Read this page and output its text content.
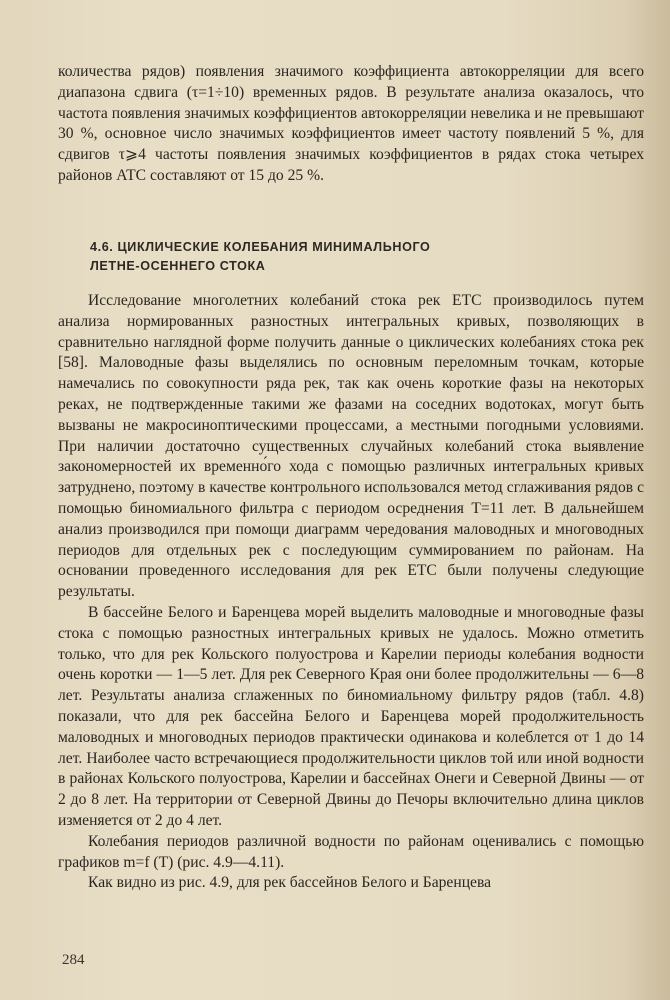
количества рядов) появления значимого коэффициента автокорреляции для всего диапазона сдвига (τ=1÷10) временных рядов. В результате анализа оказалось, что частота появления значимых коэффициентов автокорреляции невелика и не превышают 30 %, основное число значимых коэффициентов имеет частоту появлений 5 %, для сдвигов τ⩾4 частоты появления значимых коэффициентов в рядах стока четырех районов АТС составляют от 15 до 25 %.

4.6. ЦИКЛИЧЕСКИЕ КОЛЕБАНИЯ МИНИМАЛЬНОГО
ЛЕТНЕ-ОСЕННЕГО СТОКА

Исследование многолетних колебаний стока рек ЕТС производилось путем анализа нормированных разностных интегральных кривых, позволяющих в сравнительно наглядной форме получить данные о циклических колебаниях стока рек [58]. Маловодные фазы выделялись по основным переломным точкам, которые намечались по совокупности ряда рек, так как очень короткие фазы на некоторых реках, не подтвержденные такими же фазами на соседних водотоках, могут быть вызваны не макросиноптическими процессами, а местными погодными условиями. При наличии достаточно существенных случайных колебаний стока выявление закономерностей их временно́го хода с помощью различных интегральных кривых затруднено, поэтому в качестве контрольного использовался метод сглаживания рядов с помощью биномиального фильтра с периодом осреднения T=11 лет. В дальнейшем анализ производился при помощи диаграмм чередования маловодных и многоводных периодов для отдельных рек с последующим суммированием по районам. На основании проведенного исследования для рек ЕТС были получены следующие результаты.

В бассейне Белого и Баренцева морей выделить маловодные и многоводные фазы стока с помощью разностных интегральных кривых не удалось. Можно отметить только, что для рек Кольского полуострова и Карелии периоды колебания водности очень коротки — 1—5 лет. Для рек Северного Края они более продолжительны — 6—8 лет. Результаты анализа сглаженных по биномиальному фильтру рядов (табл. 4.8) показали, что для рек бассейна Белого и Баренцева морей продолжительность маловодных и многоводных периодов практически одинакова и колеблется от 1 до 14 лет. Наиболее часто встречающиеся продолжительности циклов той или иной водности в районах Кольского полуострова, Карелии и бассейнах Онеги и Северной Двины — от 2 до 8 лет. На территории от Северной Двины до Печоры включительно длина циклов изменяется от 2 до 4 лет.

Колебания периодов различной водности по районам оценивались с помощью графиков m=f (T) (рис. 4.9—4.11).

Как видно из рис. 4.9, для рек бассейнов Белого и Баренцева

284
